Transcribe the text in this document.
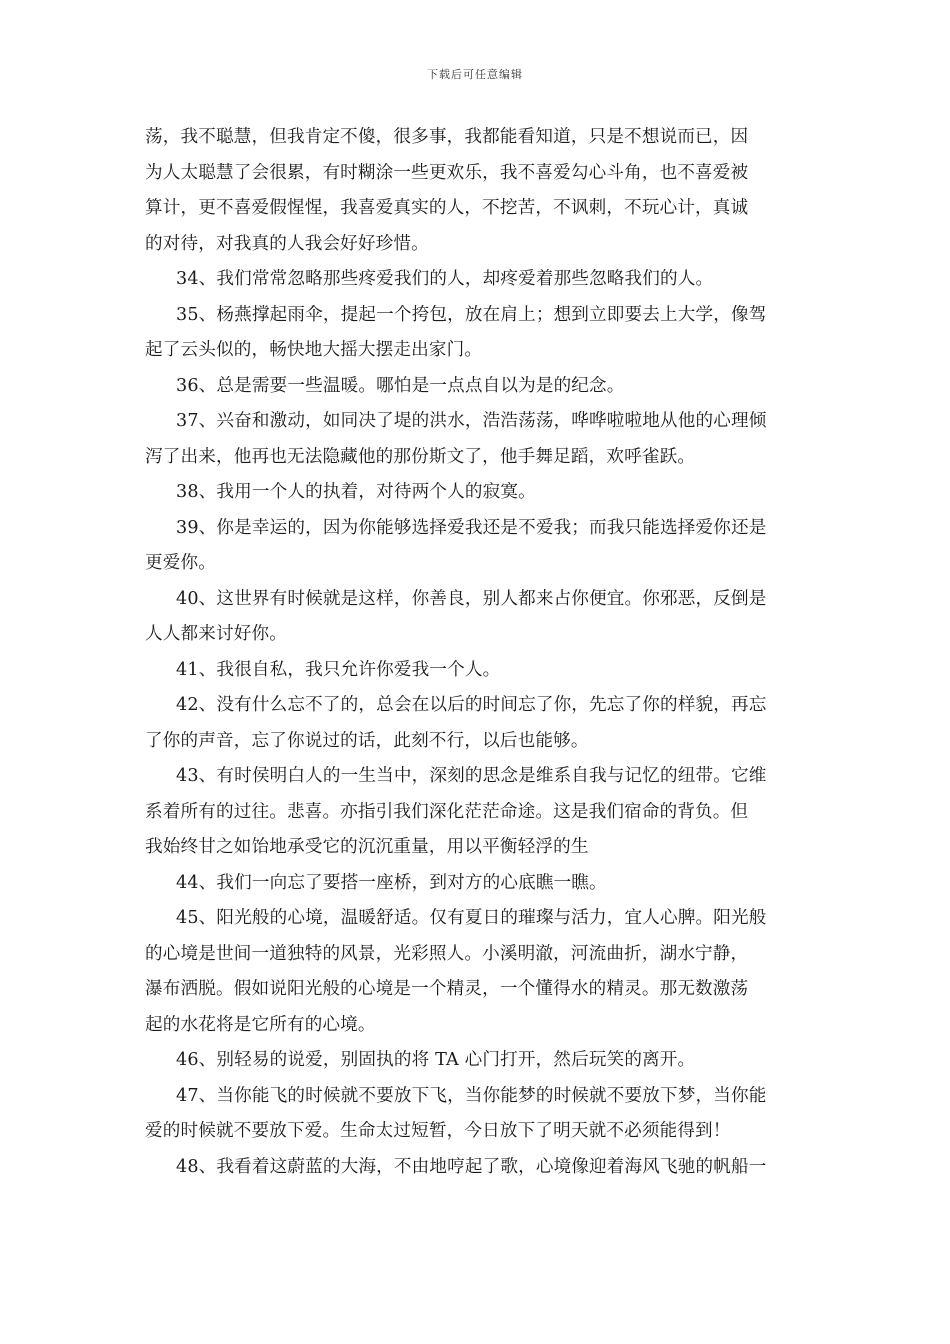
下载后可任意编辑
荡，我不聪慧，但我肯定不傻，很多事，我都能看知道，只是不想说而已，因
为人太聪慧了会很累，有时糊涂一些更欢乐，我不喜爱勾心斗角，也不喜爱被
算计，更不喜爱假惺惺，我喜爱真实的人，不挖苦，不讽刺，不玩心计，真诚
的对待，对我真的人我会好好珍惜。
34、我们常常忽略那些疼爱我们的人，却疼爱着那些忽略我们的人。
35、杨燕撑起雨伞，提起一个挎包，放在肩上；想到立即要去上大学，像驾
起了云头似的，畅快地大摇大摆走出家门。
36、总是需要一些温暖。哪怕是一点点自以为是的纪念。
37、兴奋和激动，如同决了堤的洪水，浩浩荡荡，哗哗啦啦地从他的心理倾
泻了出来，他再也无法隐藏他的那份斯文了，他手舞足蹈，欢呼雀跃。
38、我用一个人的执着，对待两个人的寂寞。
39、你是幸运的，因为你能够选择爱我还是不爱我；而我只能选择爱你还是
更爱你。
40、这世界有时候就是这样，你善良，别人都来占你便宜。你邪恶，反倒是
人人都来讨好你。
41、我很自私，我只允许你爱我一个人。
42、没有什么忘不了的，总会在以后的时间忘了你，先忘了你的样貌，再忘
了你的声音，忘了你说过的话，此刻不行，以后也能够。
43、有时侯明白人的一生当中，深刻的思念是维系自我与记忆的纽带。它维
系着所有的过往。悲喜。亦指引我们深化茫茫命途。这是我们宿命的背负。但
我始终甘之如饴地承受它的沉沉重量，用以平衡轻浮的生
44、我们一向忘了要搭一座桥，到对方的心底瞧一瞧。
45、阳光般的心境，温暖舒适。仅有夏日的璀璨与活力，宜人心脾。阳光般
的心境是世间一道独特的风景，光彩照人。小溪明澈，河流曲折，湖水宁静，
瀑布洒脱。假如说阳光般的心境是一个精灵，一个懂得水的精灵。那无数激荡
起的水花将是它所有的心境。
46、别轻易的说爱，别固执的将 TA 心门打开，然后玩笑的离开。
47、当你能飞的时候就不要放下飞，当你能梦的时候就不要放下梦，当你能
爱的时候就不要放下爱。生命太过短暂，今日放下了明天就不必须能得到！
48、我看着这蔚蓝的大海，不由地哼起了歌，心境像迎着海风飞驰的帆船一
